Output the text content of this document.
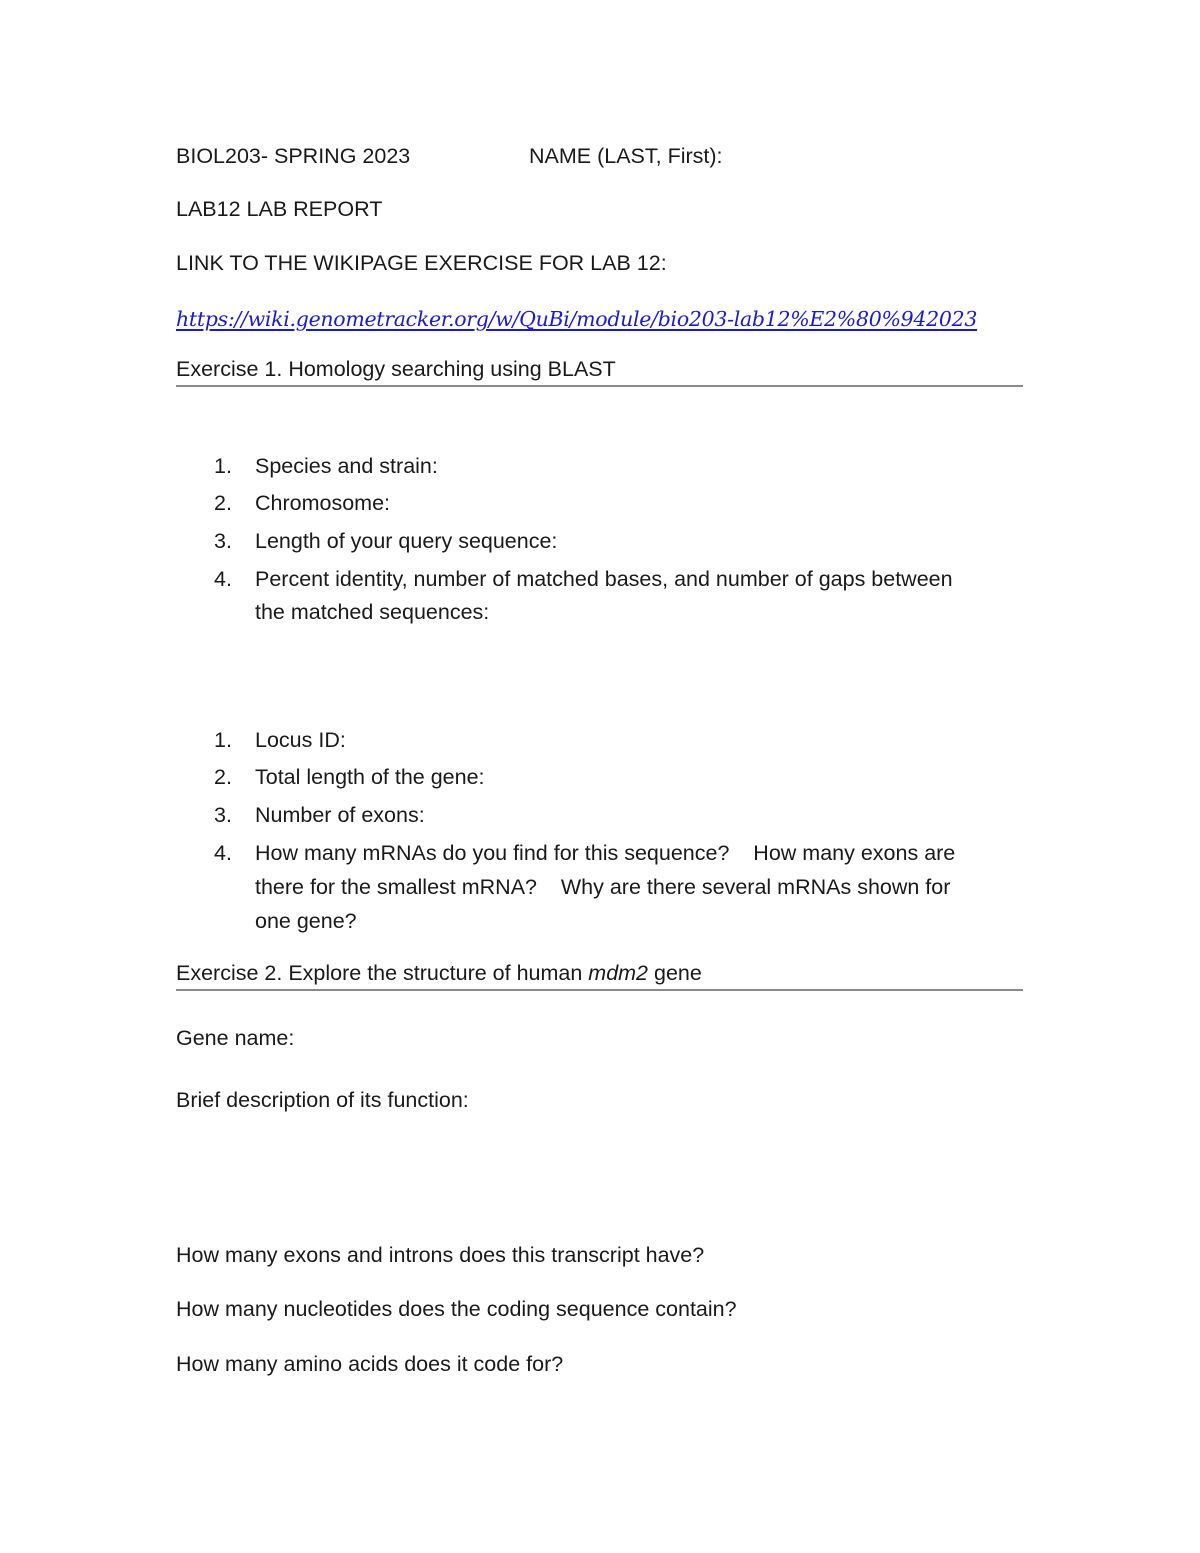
BIOL203- SPRING 2023	NAME (LAST, First):
LAB12 LAB REPORT
LINK TO THE WIKIPAGE EXERCISE FOR LAB 12:
https://wiki.genometracker.org/w/QuBi/module/bio203-lab12%E2%80%942023
Exercise 1. Homology searching using BLAST
1. Species and strain:
2. Chromosome:
3. Length of your query sequence:
4. Percent identity, number of matched bases, and number of gaps between
the matched sequences:
1. Locus ID:
2. Total length of the gene:
3. Number of exons:
4. How many mRNAs do you find for this sequence?    How many exons are
there for the smallest mRNA?    Why are there several mRNAs shown for
one gene?
Exercise 2. Explore the structure of human mdm2 gene
Gene name:
Brief description of its function:
How many exons and introns does this transcript have?
How many nucleotides does the coding sequence contain?
How many amino acids does it code for?
